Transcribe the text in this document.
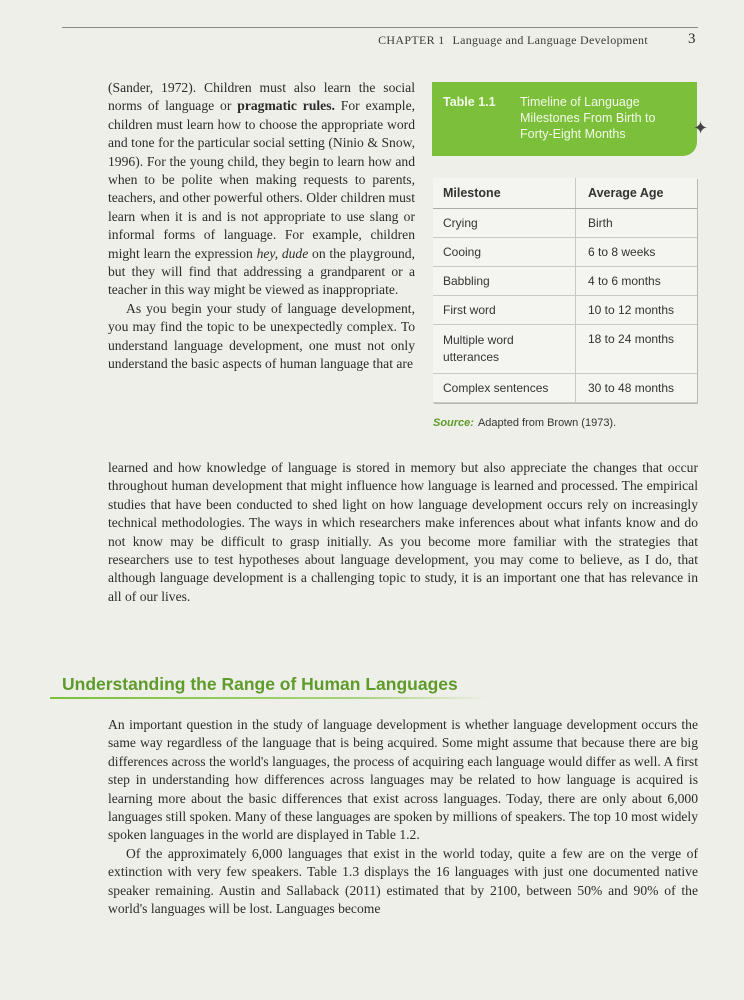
CHAPTER 1 Language and Language Development	3

(Sander, 1972). Children must also learn the social norms of language or pragmatic rules. For example, children must learn how to choose the appropriate word and tone for the particular social setting (Ninio & Snow, 1996). For the young child, they begin to learn how and when to be polite when making requests to parents, teachers, and other powerful others. Older children must learn when it is and is not appropriate to use slang or informal forms of language. For example, children might learn the expression hey, dude on the playground, but they will find that addressing a grandparent or a teacher in this way might be viewed as inappropriate.

As you begin your study of language development, you may find the topic to be unexpectedly complex. To understand language development, one must not only understand the basic aspects of human language that are

Table 1.1 Timeline of Language Milestones From Birth to Forty-Eight Months	✦
Milestone	Average Age
Crying	Birth
Cooing	6 to 8 weeks
Babbling	4 to 6 months
First word	10 to 12 months
Multiple word utterances	18 to 24 months
Complex sentences	30 to 48 months
Source: Adapted from Brown (1973).

learned and how knowledge of language is stored in memory but also appreciate the changes that occur throughout human development that might influence how language is learned and processed. The empirical studies that have been conducted to shed light on how language development occurs rely on increasingly technical methodologies. The ways in which researchers make inferences about what infants know and do not know may be difficult to grasp initially. As you become more familiar with the strategies that researchers use to test hypotheses about language development, you may come to believe, as I do, that although language development is a challenging topic to study, it is an important one that has relevance in all of our lives.

Understanding the Range of Human Languages

An important question in the study of language development is whether language development occurs the same way regardless of the language that is being acquired. Some might assume that because there are big differences across the world's languages, the process of acquiring each language would differ as well. A first step in understanding how differences across languages may be related to how language is acquired is learning more about the basic differences that exist across languages. Today, there are only about 6,000 languages still spoken. Many of these languages are spoken by millions of speakers. The top 10 most widely spoken languages in the world are displayed in Table 1.2.

Of the approximately 6,000 languages that exist in the world today, quite a few are on the verge of extinction with very few speakers. Table 1.3 displays the 16 languages with just one documented native speaker remaining. Austin and Sallaback (2011) estimated that by 2100, between 50% and 90% of the world's languages will be lost. Languages become
